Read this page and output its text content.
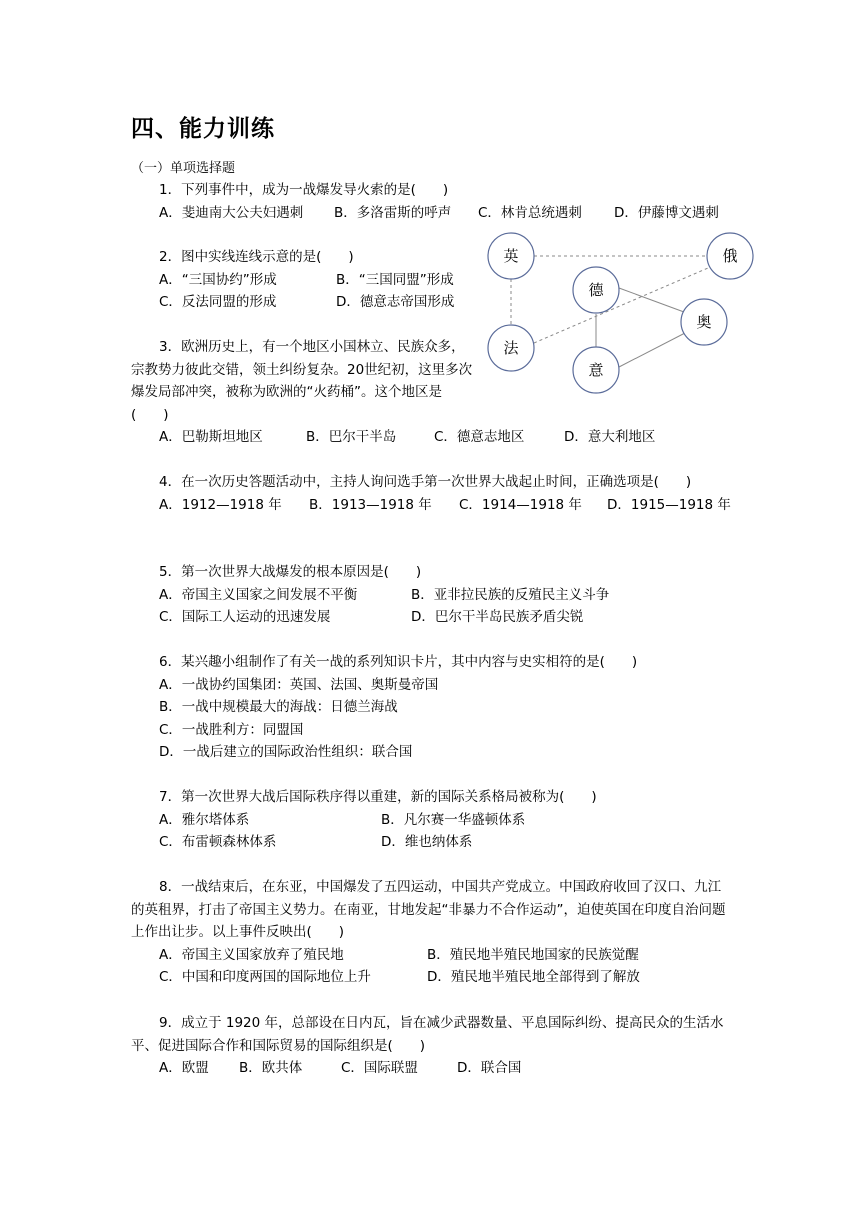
四、能力训练
（一）单项选择题
1．下列事件中，成为一战爆发导火索的是(　　)
A．斐迪南大公夫妇遇刺 B．多洛雷斯的呼声 C．林肯总统遇刺 D．伊藤博文遇刺
2．图中实线连线示意的是(　　)
A．“三国协约”形成	B．“三国同盟”形成
C．反法同盟的形成	D．德意志帝国形成
3．欧洲历史上，有一个地区小国林立、民族众多，宗教势力彼此交错，领土纠纷复杂。20世纪初，这里多次爆发局部冲突，被称为欧洲的“火药桶”。这个地区是(　　)
A．巴勒斯坦地区	B．巴尔干半岛	C．德意志地区	D．意大利地区
英	俄
德
奥
法
意
4．在一次历史答题活动中，主持人询问选手第一次世界大战起止时间，正确选项是(　　)
A．1912—1918 年 B．1913—1918 年 C．1914—1918 年 D．1915—1918 年
5．第一次世界大战爆发的根本原因是(　　)
A．帝国主义国家之间发展不平衡	B．亚非拉民族的反殖民主义斗争
C．国际工人运动的迅速发展	D．巴尔干半岛民族矛盾尖锐
6．某兴趣小组制作了有关一战的系列知识卡片，其中内容与史实相符的是(　　)
A．一战协约国集团：英国、法国、奥斯曼帝国
B．一战中规模最大的海战：日德兰海战
C．一战胜利方：同盟国
D．一战后建立的国际政治性组织：联合国
7．第一次世界大战后国际秩序得以重建，新的国际关系格局被称为(　　)
A．雅尔塔体系	B．凡尔赛一华盛顿体系
C．布雷顿森林体系	D．维也纳体系
8．一战结束后，在东亚，中国爆发了五四运动，中国共产党成立。中国政府收回了汉口、九江的英租界，打击了帝国主义势力。在南亚，甘地发起“非暴力不合作运动”，迫使英国在印度自治问题上作出让步。以上事件反映出(　　)
A．帝国主义国家放弃了殖民地	B．殖民地半殖民地国家的民族觉醒
C．中国和印度两国的国际地位上升	D．殖民地半殖民地全部得到了解放
9．成立于 1920 年，总部设在日内瓦，旨在减少武器数量、平息国际纠纷、提高民众的生活水平、促进国际合作和国际贸易的国际组织是(　　)
A．欧盟 B．欧共体	C．国际联盟	D．联合国
